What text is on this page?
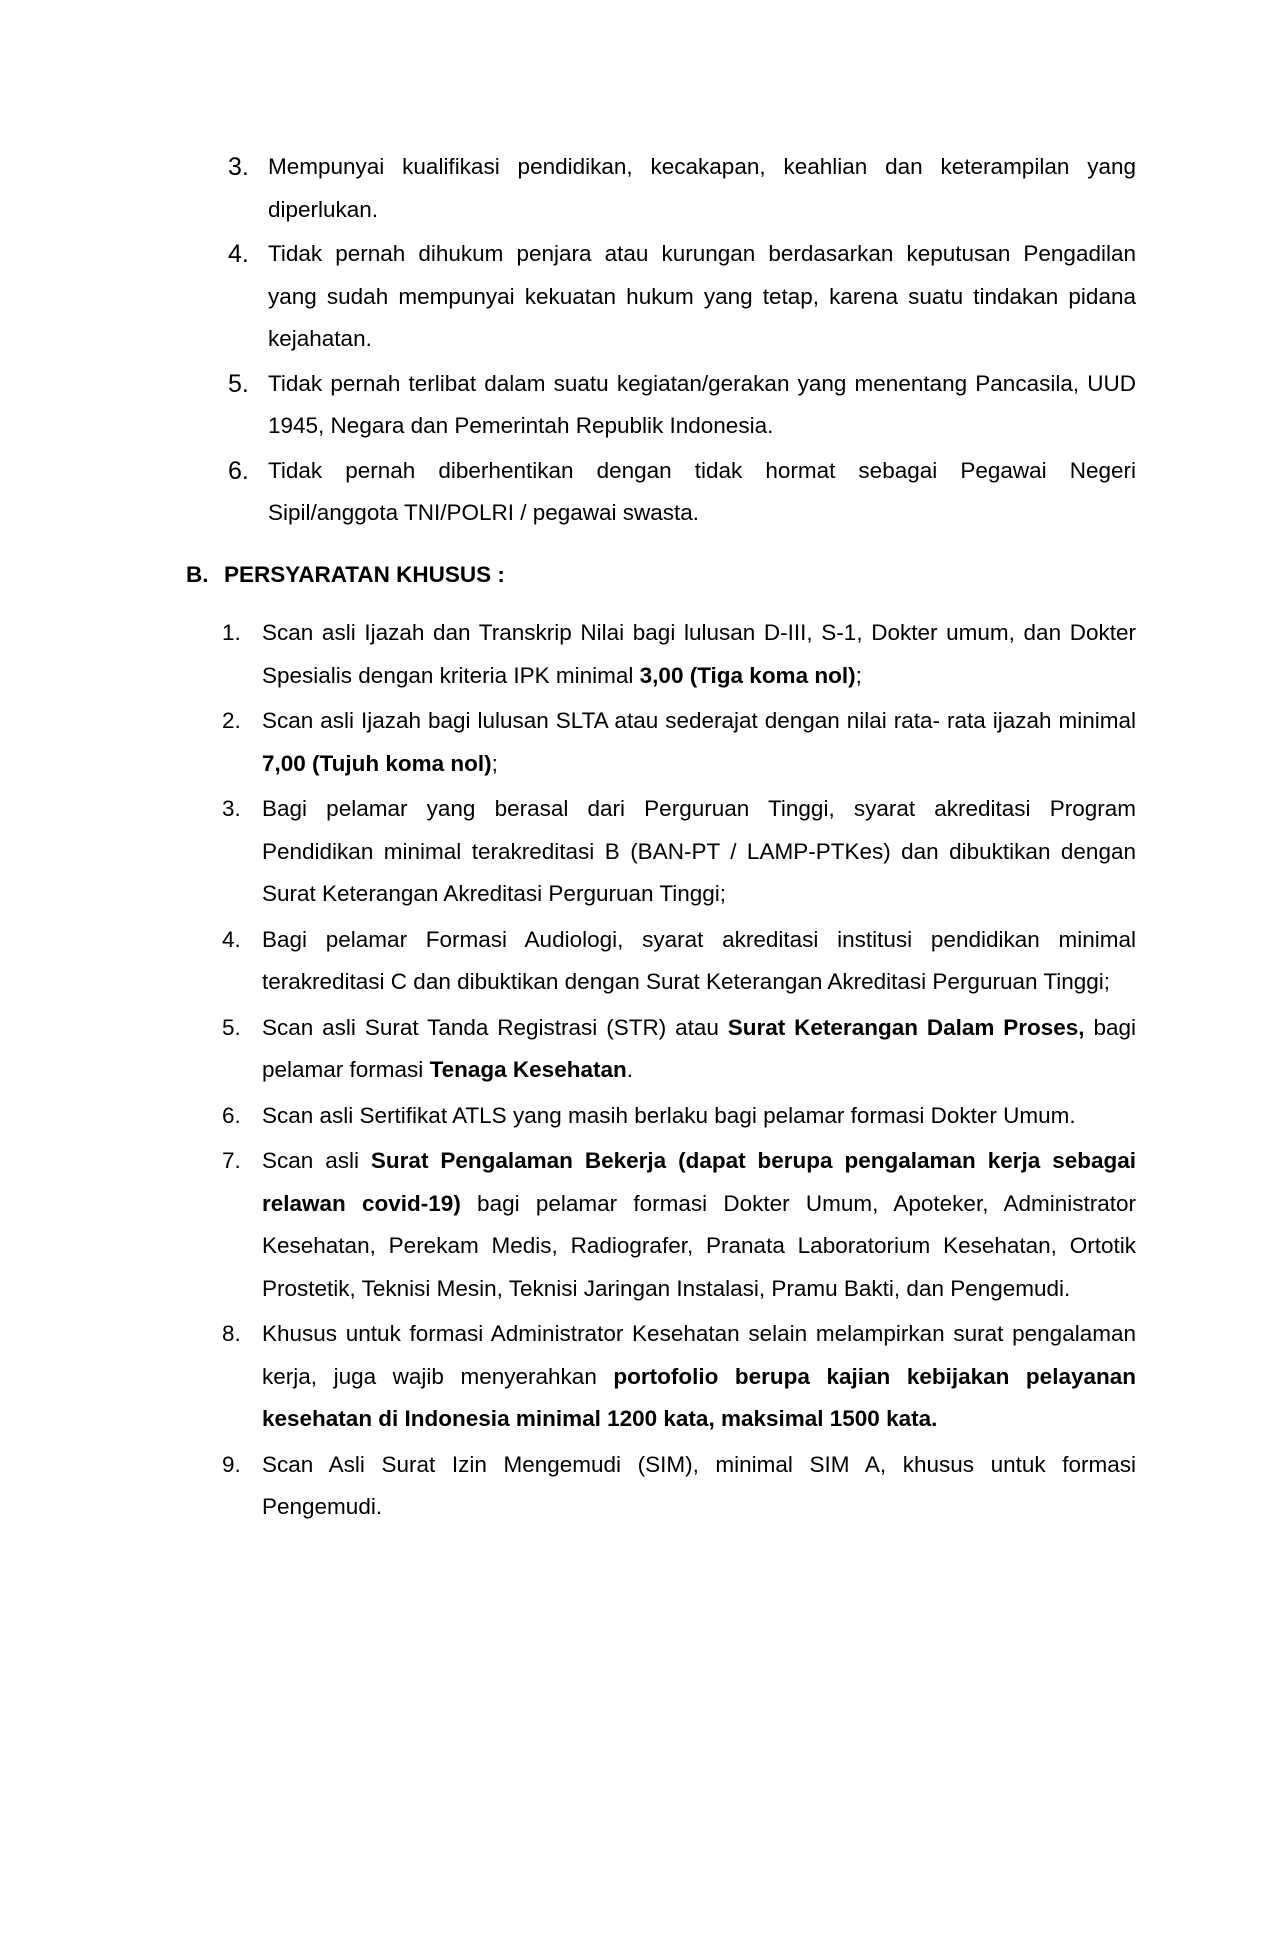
3. Mempunyai kualifikasi pendidikan, kecakapan, keahlian dan keterampilan yang diperlukan.
4. Tidak pernah dihukum penjara atau kurungan berdasarkan keputusan Pengadilan yang sudah mempunyai kekuatan hukum yang tetap, karena suatu tindakan pidana kejahatan.
5. Tidak pernah terlibat dalam suatu kegiatan/gerakan yang menentang Pancasila, UUD 1945, Negara dan Pemerintah Republik Indonesia.
6. Tidak pernah diberhentikan dengan tidak hormat sebagai Pegawai Negeri Sipil/anggota TNI/POLRI / pegawai swasta.
B. PERSYARATAN KHUSUS :
1. Scan asli Ijazah dan Transkrip Nilai bagi lulusan D-III, S-1, Dokter umum, dan Dokter Spesialis dengan kriteria IPK minimal 3,00 (Tiga koma nol);
2. Scan asli Ijazah bagi lulusan SLTA atau sederajat dengan nilai rata- rata ijazah minimal 7,00 (Tujuh koma nol);
3. Bagi pelamar yang berasal dari Perguruan Tinggi, syarat akreditasi Program Pendidikan minimal terakreditasi B (BAN-PT / LAMP-PTKes) dan dibuktikan dengan Surat Keterangan Akreditasi Perguruan Tinggi;
4. Bagi pelamar Formasi Audiologi, syarat akreditasi institusi pendidikan minimal terakreditasi C dan dibuktikan dengan Surat Keterangan Akreditasi Perguruan Tinggi;
5. Scan asli Surat Tanda Registrasi (STR) atau Surat Keterangan Dalam Proses, bagi pelamar formasi Tenaga Kesehatan.
6. Scan asli Sertifikat ATLS yang masih berlaku bagi pelamar formasi Dokter Umum.
7. Scan asli Surat Pengalaman Bekerja (dapat berupa pengalaman kerja sebagai relawan covid-19) bagi pelamar formasi Dokter Umum, Apoteker, Administrator Kesehatan, Perekam Medis, Radiografer, Pranata Laboratorium Kesehatan, Ortotik Prostetik, Teknisi Mesin, Teknisi Jaringan Instalasi, Pramu Bakti, dan Pengemudi.
8. Khusus untuk formasi Administrator Kesehatan selain melampirkan surat pengalaman kerja, juga wajib menyerahkan portofolio berupa kajian kebijakan pelayanan kesehatan di Indonesia minimal 1200 kata, maksimal 1500 kata.
9. Scan Asli Surat Izin Mengemudi (SIM), minimal SIM A, khusus untuk formasi Pengemudi.
